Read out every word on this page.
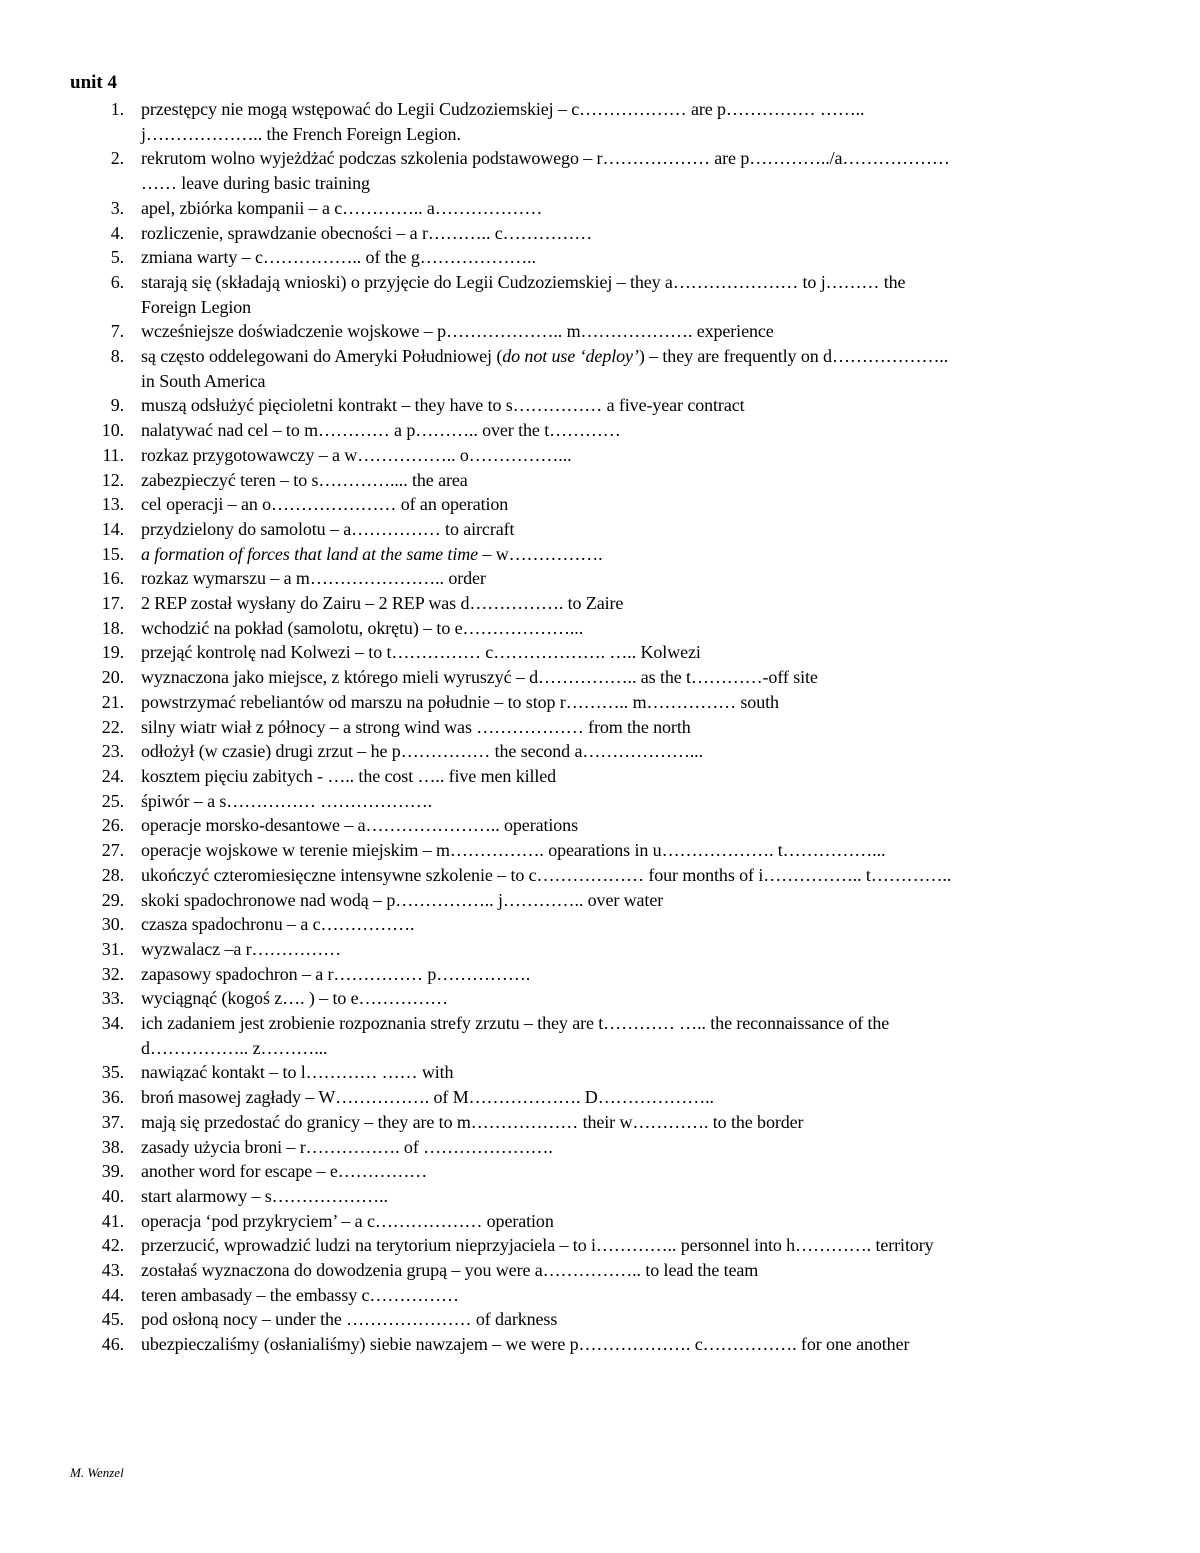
unit 4
1. przestępcy nie mogą wstępować do Legii Cudzoziemskiej – c……………… are p…………… ……..
j……………….. the French Foreign Legion.
2. rekrutom wolno wyjeżdżać podczas szkolenia podstawowego – r……………… are p…………../a………………
…… leave during basic training
3. apel, zbiórka kompanii – a c………….. a………………
4. rozliczenie, sprawdzanie obecności – a r……….. c……………
5. zmiana warty – c…………….. of the g………………..
6. starają się (składają wnioski) o przyjęcie do Legii Cudzoziemskiej – they a………………… to j……… the
Foreign Legion
7. wcześniejsze doświadczenie wojskowe – p……………….. m………………. experience
8. są często oddelegowani do Ameryki Południowej (do not use ‘deploy’) – they are frequently on d………………..
in South America
9. muszą odsłużyć pięcioletni kontrakt – they have to s…………… a five-year contract
10. nalatywać nad cel – to m………… a p……….. over the t…………
11. rozkaz przygotowawczy – a w…………….. o……………...
12. zabezpieczyć teren – to s………….... the area
13. cel operacji – an o………………… of an operation
14. przydzielony do samolotu – a…………… to aircraft
15. a formation of forces that land at the same time – w…………….
16. rozkaz wymarszu – a m………………….. order
17. 2 REP został wysłany do Zairu – 2 REP was d……………. to Zaire
18. wchodzić na pokład (samolotu, okrętu) – to e………………...
19. przejąć kontrolę nad Kolwezi – to t…………… c………………. ….. Kolwezi
20. wyznaczona jako miejsce, z którego mieli wyruszyć – d…………….. as the t…………-off site
21. powstrzymać rebeliantów od marszu na południe – to stop r……….. m…………… south
22. silny wiatr wiał z północy – a strong wind was ……………… from the north
23. odłożył (w czasie) drugi zrzut – he p…………… the second a………………...
24. kosztem pięciu zabitych - ….. the cost ….. five men killed
25. śpiwór – a s…………… ……………….
26. operacje morsko-desantowe – a………………….. operations
27. operacje wojskowe w terenie miejskim – m……………. opearations in u………………. t……………...
28. ukończyć czteromiesięczne intensywne szkolenie – to c……………… four months of i…………….. t…………..
29. skoki spadochronowe nad wodą – p…………….. j………….. over water
30. czasza spadochronu – a c…………….
31. wyzwalacz –a r……………
32. zapasowy spadochron – a r…………… p…………….
33. wyciągnąć (kogoś z…. ) – to e……………
34. ich zadaniem jest zrobienie rozpoznania strefy zrzutu – they are t………… ….. the reconnaissance of the
d…………….. z………...
35. nawiązać kontakt – to l………… …… with
36. broń masowej zagłady – W……………. of M………………. D………………..
37. mają się przedostać do granicy – they are to m……………… their w…………. to the border
38. zasady użycia broni – r……………. of ………………….
39. another word for escape – e……………
40. start alarmowy – s………………..
41. operacja ‘pod przykryciem’ – a c……………… operation
42. przerzucić, wprowadzić ludzi na terytorium nieprzyjaciela – to i………….. personnel into h…………. territory
43. zostałaś wyznaczona do dowodzenia grupą – you were a…………….. to lead the team
44. teren ambasady – the embassy c……………
45. pod osłoną nocy – under the ………………… of darkness
46. ubezpieczaliśmy (osłanialiśmy) siebie nawzajem – we were p………………. c……………. for one another
M. Wenzel
